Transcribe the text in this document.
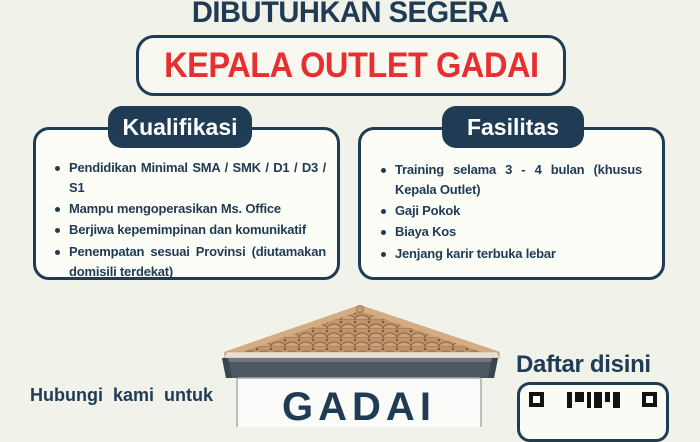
DIBUTUHKAN SEGERA
KEPALA OUTLET GADAI
Kualifikasi
Pendidikan Minimal SMA / SMK / D1 / D3 / S1
Mampu mengoperasikan Ms. Office
Berjiwa kepemimpinan dan komunikatif
Penempatan sesuai Provinsi (diutamakan domisili terdekat)
Fasilitas
Training selama 3 - 4 bulan (khusus Kepala Outlet)
Gaji Pokok
Biaya Kos
Jenjang karir terbuka lebar
GADAI
Hubungi kami untuk
Daftar disini
